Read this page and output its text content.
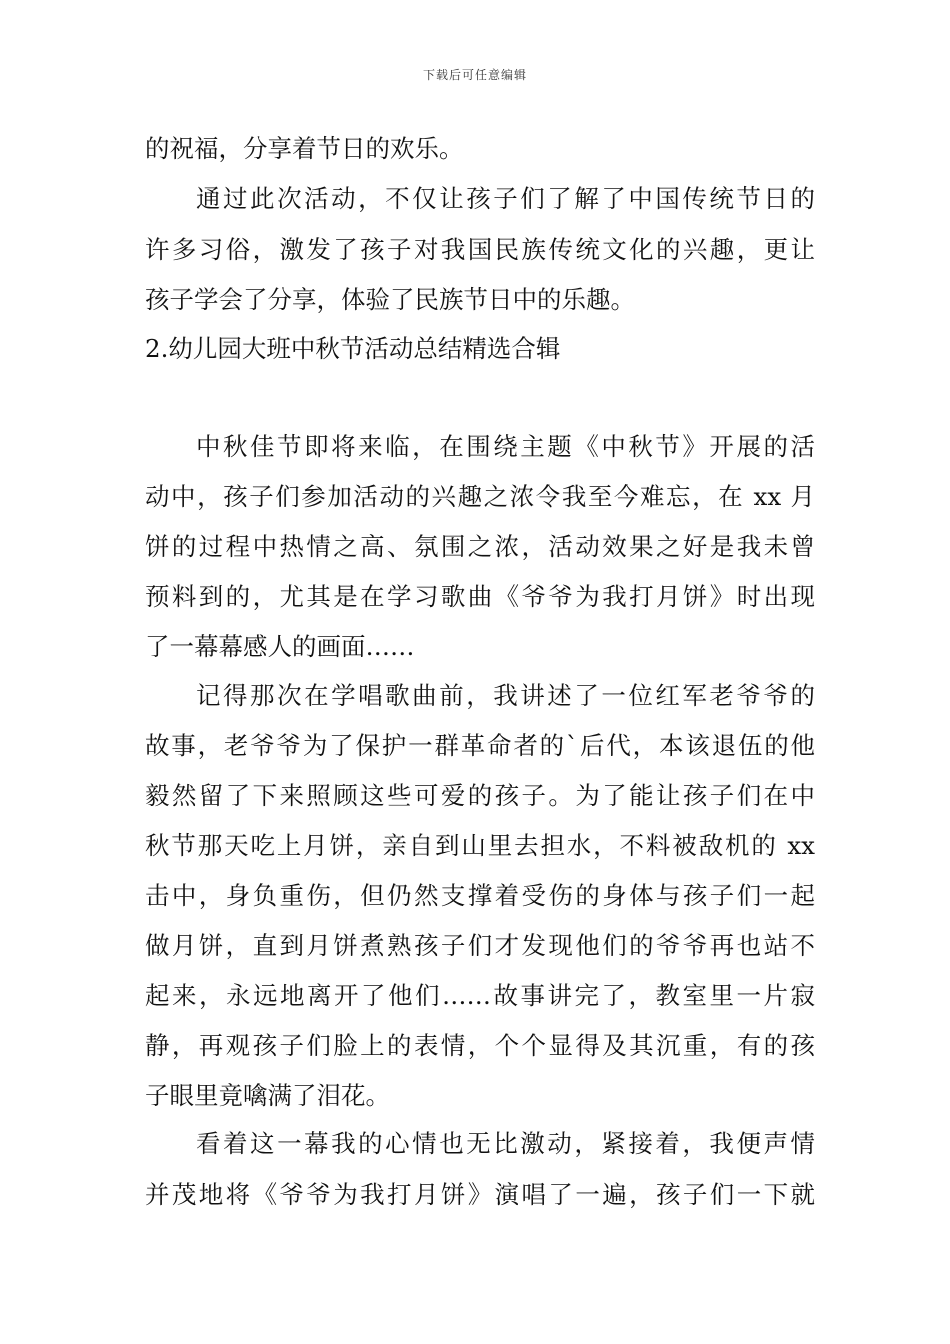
下载后可任意编辑
的祝福，分享着节日的欢乐。
通过此次活动，不仅让孩子们了解了中国传统节日的
许多习俗，激发了孩子对我国民族传统文化的兴趣，更让
孩子学会了分享，体验了民族节日中的乐趣。
2.幼儿园大班中秋节活动总结精选合辑
中秋佳节即将来临，在围绕主题《中秋节》开展的活
动中，孩子们参加活动的兴趣之浓令我至今难忘，在 xx 月
饼的过程中热情之高、氛围之浓，活动效果之好是我未曾
预料到的，尤其是在学习歌曲《爷爷为我打月饼》时出现
了一幕幕感人的画面……
记得那次在学唱歌曲前，我讲述了一位红军老爷爷的
故事，老爷爷为了保护一群革命者的`后代，本该退伍的他
毅然留了下来照顾这些可爱的孩子。为了能让孩子们在中
秋节那天吃上月饼，亲自到山里去担水，不料被敌机的 xx
击中，身负重伤，但仍然支撑着受伤的身体与孩子们一起
做月饼，直到月饼煮熟孩子们才发现他们的爷爷再也站不
起来，永远地离开了他们……故事讲完了，教室里一片寂
静，再观孩子们脸上的表情，个个显得及其沉重，有的孩
子眼里竟噙满了泪花。
看着这一幕我的心情也无比激动，紧接着，我便声情
并茂地将《爷爷为我打月饼》演唱了一遍，孩子们一下就
